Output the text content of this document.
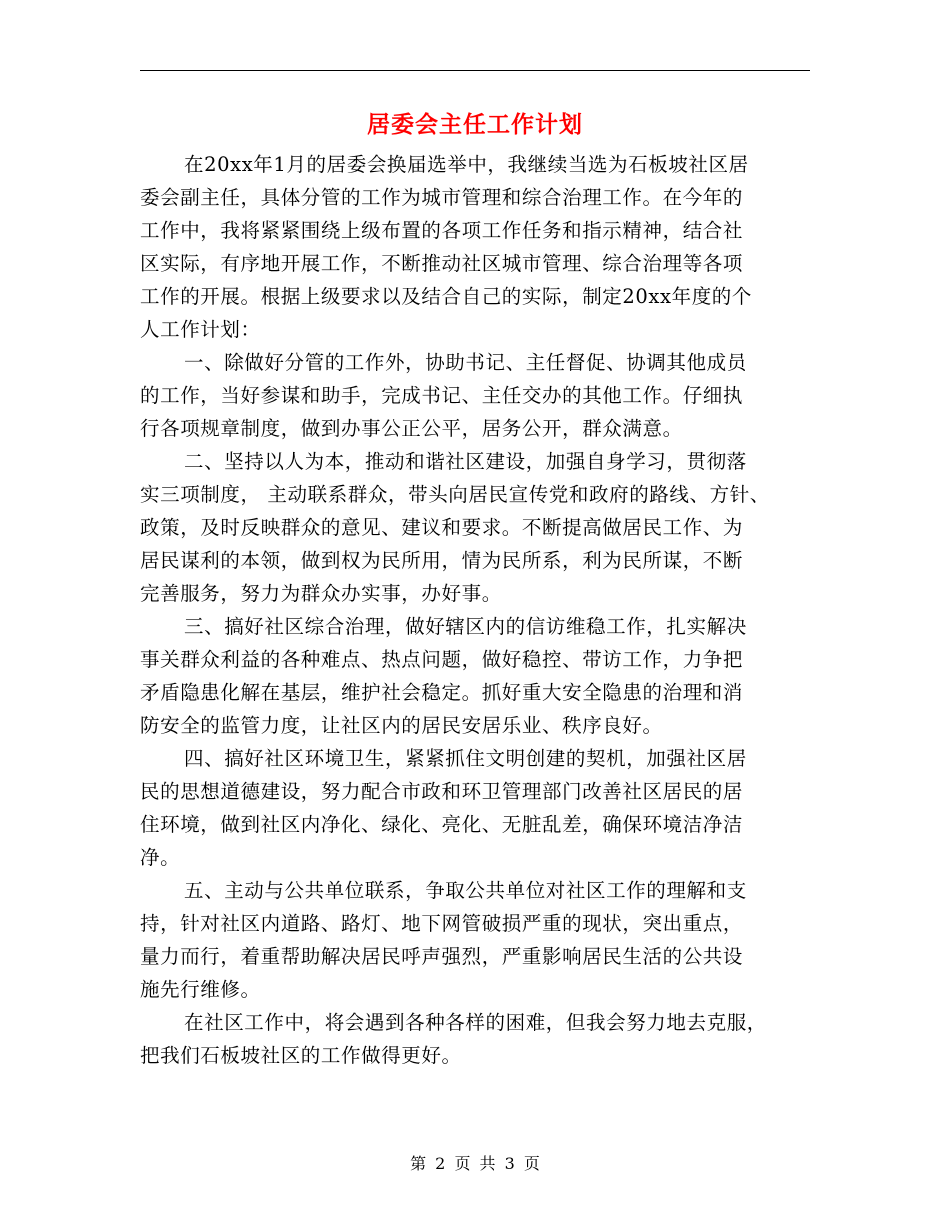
居委会主任工作计划
在20xx年1月的居委会换届选举中，我继续当选为石板坡社区居
委会副主任，具体分管的工作为城市管理和综合治理工作。在今年的
工作中，我将紧紧围绕上级布置的各项工作任务和指示精神，结合社
区实际，有序地开展工作，不断推动社区城市管理、综合治理等各项
工作的开展。根据上级要求以及结合自己的实际，制定20xx年度的个
人工作计划：
一、除做好分管的工作外，协助书记、主任督促、协调其他成员
的工作，当好参谋和助手，完成书记、主任交办的其他工作。仔细执
行各项规章制度，做到办事公正公平，居务公开，群众满意。
二、坚持以人为本，推动和谐社区建设，加强自身学习，贯彻落
实三项制度， 主动联系群众，带头向居民宣传党和政府的路线、方针、
政策，及时反映群众的意见、建议和要求。不断提高做居民工作、为
居民谋利的本领，做到权为民所用，情为民所系，利为民所谋，不断
完善服务，努力为群众办实事，办好事。
三、搞好社区综合治理，做好辖区内的信访维稳工作，扎实解决
事关群众利益的各种难点、热点问题，做好稳控、带访工作，力争把
矛盾隐患化解在基层，维护社会稳定。抓好重大安全隐患的治理和消
防安全的监管力度，让社区内的居民安居乐业、秩序良好。
四、搞好社区环境卫生，紧紧抓住文明创建的契机，加强社区居
民的思想道德建设，努力配合市政和环卫管理部门改善社区居民的居
住环境，做到社区内净化、绿化、亮化、无脏乱差，确保环境洁净洁
净。
五、主动与公共单位联系，争取公共单位对社区工作的理解和支
持，针对社区内道路、路灯、地下网管破损严重的现状，突出重点，
量力而行，着重帮助解决居民呼声强烈，严重影响居民生活的公共设
施先行维修。
在社区工作中，将会遇到各种各样的困难，但我会努力地去克服，
把我们石板坡社区的工作做得更好。
第 2 页 共 3 页
